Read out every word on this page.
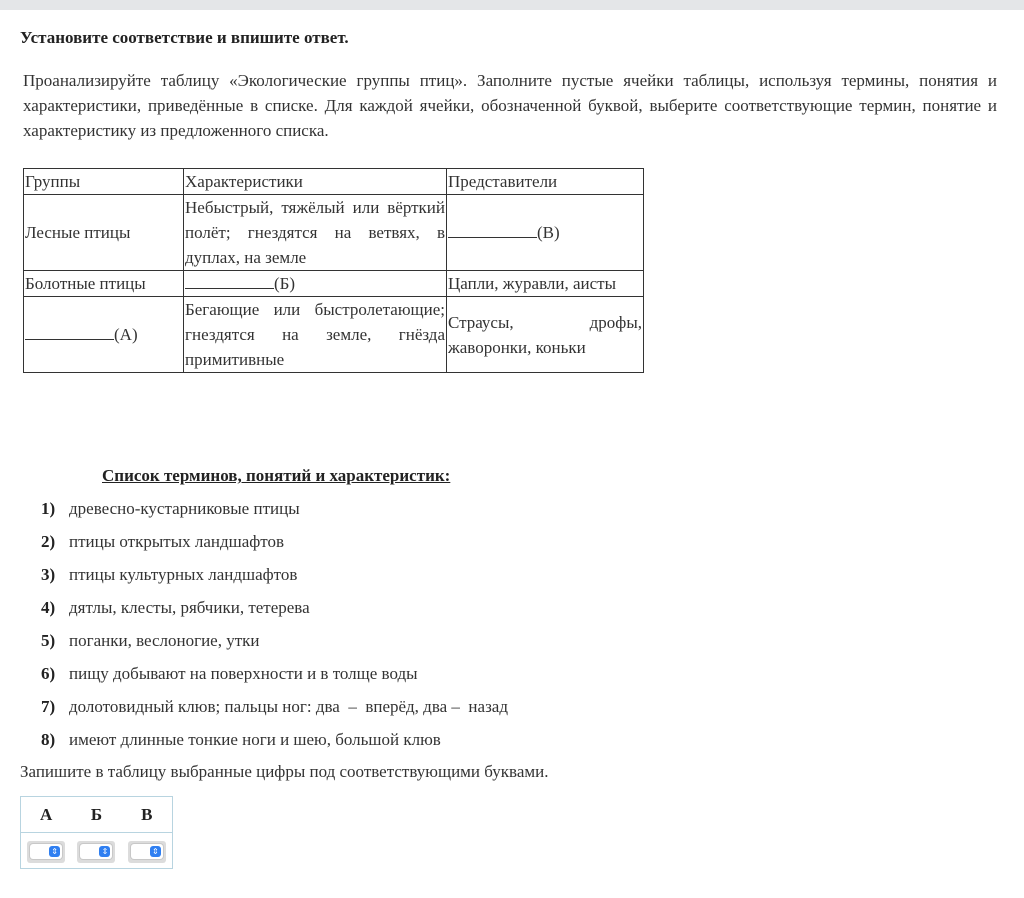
Установите соответствие и впишите ответ.
Проанализируйте таблицу «Экологические группы птиц». Заполните пустые ячейки таблицы, используя термины, понятия и характеристики, приведённые в списке. Для каждой ячейки, обозначенной буквой, выберите соответствующие термин, понятие и характеристику из предложенного списка.
Группы	Характеристики	Представители
Лесные птицы	Небыстрый, тяжёлый или вёрткий полёт; гнездятся на ветвях, в дуплах, на земле	(В)
Болотные птицы	(Б)	Цапли, журавли, аисты
(А)	Бегающие или быстролетающие; гнездятся на земле, гнёзда примитивные	Страусы, дрофы, жаворонки, коньки
Список терминов, понятий и характеристик:
1) древесно-кустарниковые птицы
2) птицы открытых ландшафтов
3) птицы культурных ландшафтов
4) дятлы, клесты, рябчики, тетерева
5) поганки, веслоногие, утки
6) пищу добывают на поверхности и в толще воды
7) долотовидный клюв; пальцы ног: два  –  вперёд, два –  назад
8) имеют длинные тонкие ноги и шею, большой клюв
Запишите в таблицу выбранные цифры под соответствующими буквами.
А	Б	В
⇕	⇕	⇕
